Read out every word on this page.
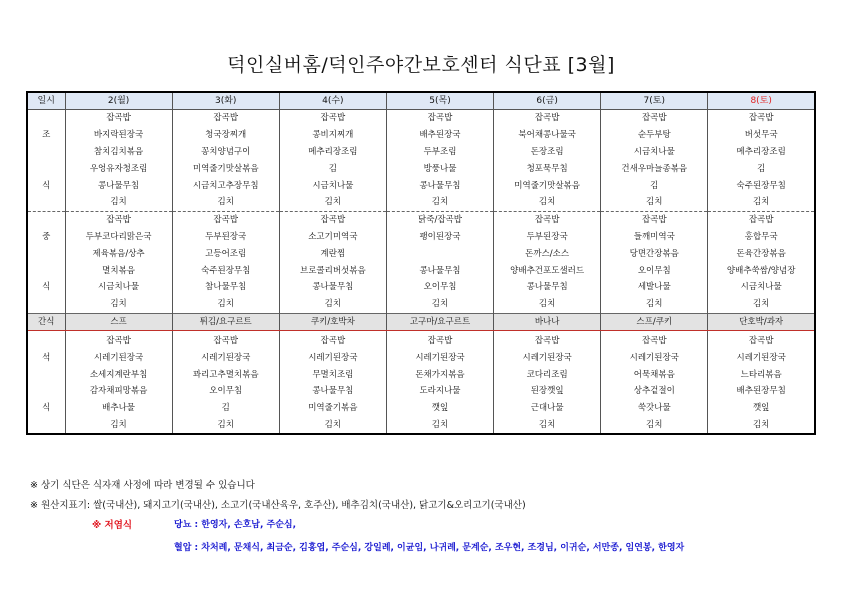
덕인실버홈/덕인주야간보호센터 식단표 [3월]
일시	2(월)	3(화)	4(수)	5(목)	6(금)	7(토)	8(토)
	잡곡밥	잡곡밥	잡곡밥	잡곡밥	잡곡밥	잡곡밥	잡곡밥
조	바지락된장국	청국장찌개	콩비지찌개	배추된장국	북어채콩나물국	순두부탕	버섯무국
	참치김치볶음	꽁치양념구이	메추리장조림	두부조림	돈장조림	시금치나물	메추리장조림
	우엉유자청조림	미역줄기맛살볶음	김	방풍나물	청포묵무침	건새우마늘종볶음	김
식	콩나물무침	시금치고추장무침	시금치나물	콩나물무침	미역줄기맛살볶음	김	숙주된장무침
	김치	김치	김치	김치	김치	김치	김치
	잡곡밥	잡곡밥	잡곡밥	닭죽/잡곡밥	잡곡밥	잡곡밥	잡곡밥
중	두부코다리맑은국	두부된장국	소고기미역국	팽이된장국	두부된장국	들깨미역국	홍합무국
	제육볶음/상추	고등어조림	계란찜		돈까스/소스	당면간장볶음	돈육간장볶음
	멸치볶음	숙주된장무침	브로콜리버섯볶음	콩나물무침	양배추건포도샐러드	오이무침	양배추쑥쌈/양념장
식	시금치나물	참나물무침	콩나물무침	오이무침	콩나물무침	세발나물	시금치나물
	김치	김치	김치	김치	김치	김치	김치
간식	스프	튀김/요구르트	쿠키/호박차	고구마/요구르트	바나나	스프/쿠키	단호박/과자

	잡곡밥	잡곡밥	잡곡밥	잡곡밥	잡곡밥	잡곡밥	잡곡밥
석	시레기된장국	시레기된장국	시레기된장국	시레기된장국	시레기된장국	시레기된장국	시레기된장국
	소세지계란부침	꽈리고추멸치볶음	무멸치조림	돈채가지볶음	코다리조림	어묵채볶음	느타리볶음
	감자채피망볶음	오이무침	콩나물무침	도라지나물	된장깻잎	상추겉절이	배추된장무침
식	배추나물	김	미역줄기볶음	깻잎	근대나물	쑥갓나물	깻잎
	김치	김치	김치	김치	김치	김치	김치
※ 상기 식단은 식자재 사정에 따라 변경될 수 있습니다
※ 원산지표기: 쌀(국내산), 돼지고기(국내산), 소고기(국내산육우, 호주산), 배추김치(국내산), 닭고기&오리고기(국내산)
※ 저염식	당뇨 : 한영자, 손호남, 주순심,
혈압 : 차처례, 문채식, 최금순, 김홍엽, 주순심, 강일례, 이균임, 나귀례, 문계순, 조우현, 조경님, 이귀순, 서만종, 임연봉, 한영자
